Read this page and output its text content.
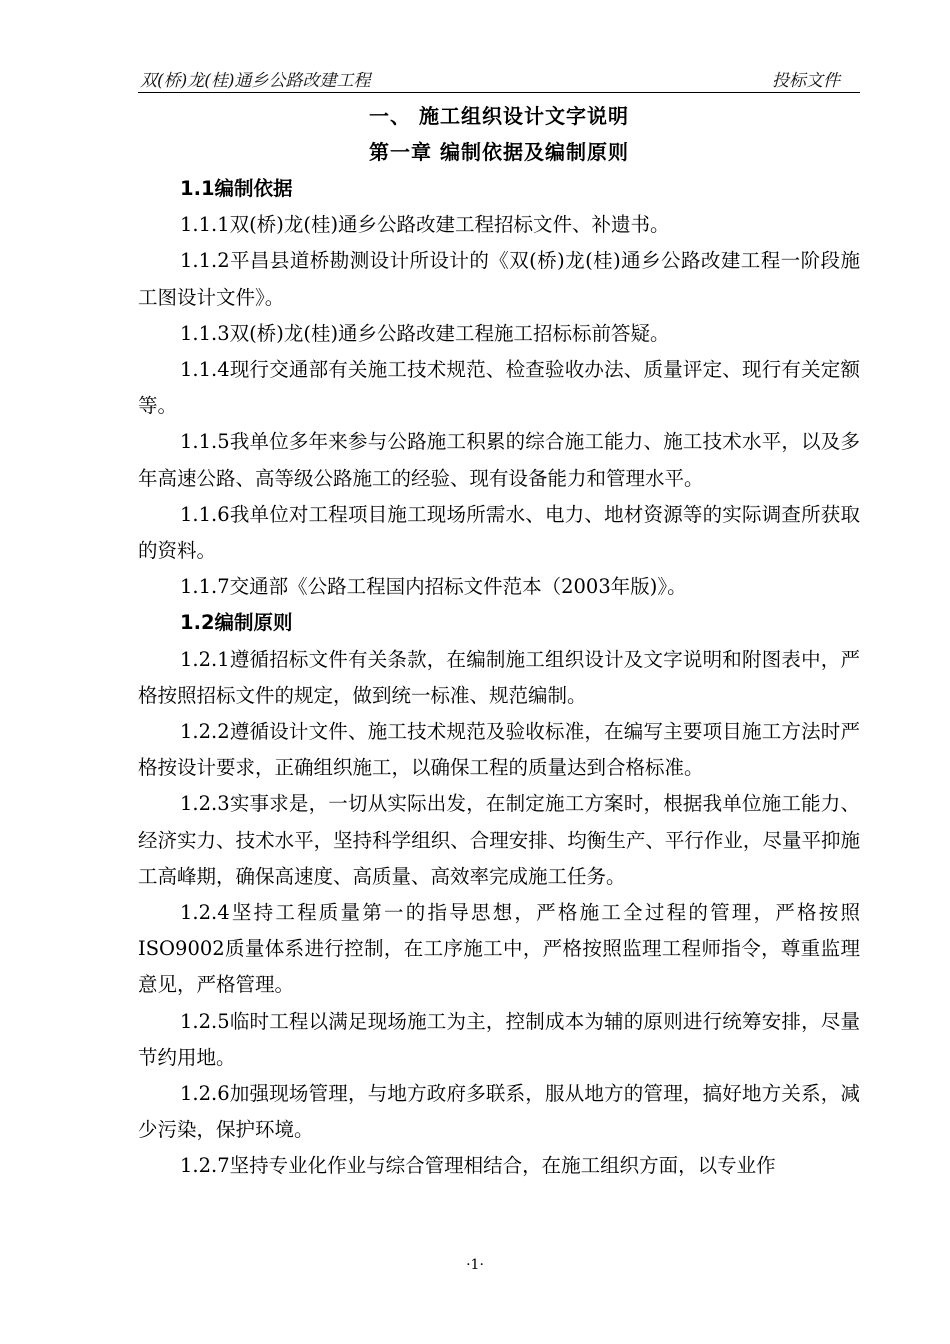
双(桥)龙(桂)通乡公路改建工程	投标文件
一、 施工组织设计文字说明
第一章 编制依据及编制原则
1.1编制依据
1.1.1双(桥)龙(桂)通乡公路改建工程招标文件、补遗书。
1.1.2平昌县道桥勘测设计所设计的《双(桥)龙(桂)通乡公路改建工程一阶段施工图设计文件》。
1.1.3双(桥)龙(桂)通乡公路改建工程施工招标标前答疑。
1.1.4现行交通部有关施工技术规范、检查验收办法、质量评定、现行有关定额等。
1.1.5我单位多年来参与公路施工积累的综合施工能力、施工技术水平，以及多年高速公路、高等级公路施工的经验、现有设备能力和管理水平。
1.1.6我单位对工程项目施工现场所需水、电力、地材资源等的实际调查所获取的资料。
1.1.7交通部《公路工程国内招标文件范本（2003年版)》。
1.2编制原则
1.2.1遵循招标文件有关条款，在编制施工组织设计及文字说明和附图表中，严格按照招标文件的规定，做到统一标准、规范编制。
1.2.2遵循设计文件、施工技术规范及验收标准，在编写主要项目施工方法时严格按设计要求，正确组织施工，以确保工程的质量达到合格标准。
1.2.3实事求是，一切从实际出发，在制定施工方案时，根据我单位施工能力、经济实力、技术水平，坚持科学组织、合理安排、均衡生产、平行作业，尽量平抑施工高峰期，确保高速度、高质量、高效率完成施工任务。
1.2.4坚持工程质量第一的指导思想，严格施工全过程的管理，严格按照ISO9002质量体系进行控制，在工序施工中，严格按照监理工程师指令，尊重监理意见，严格管理。
1.2.5临时工程以满足现场施工为主，控制成本为辅的原则进行统筹安排，尽量节约用地。
1.2.6加强现场管理，与地方政府多联系，服从地方的管理，搞好地方关系，减少污染，保护环境。
1.2.7坚持专业化作业与综合管理相结合，在施工组织方面，以专业作
·1·
